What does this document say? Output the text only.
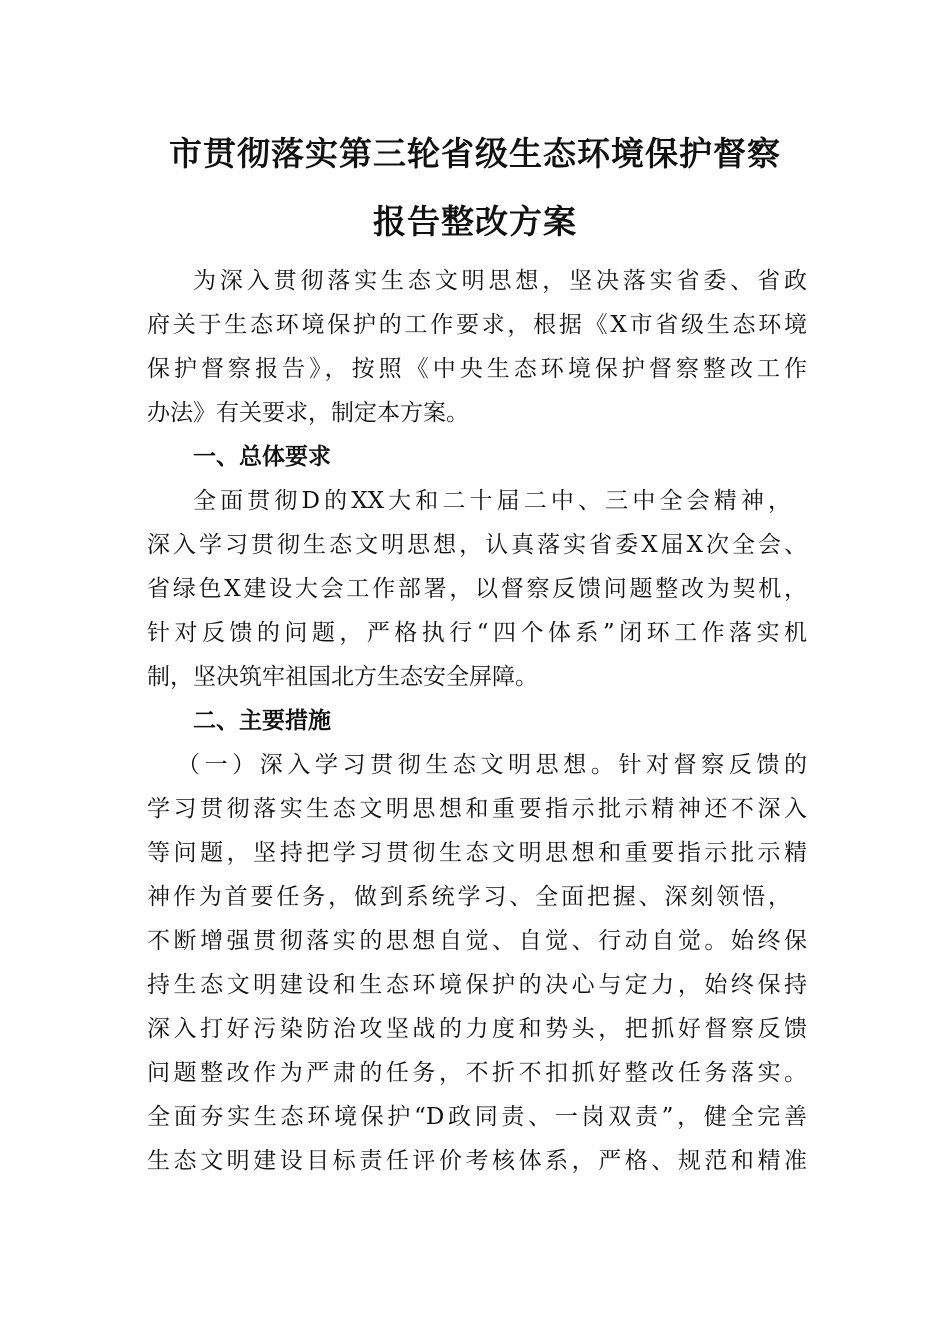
市贯彻落实第三轮省级生态环境保护督察
报告整改方案
为深入贯彻落实生态文明思想，坚决落实省委、省政
府关于生态环境保护的工作要求，根据《X市省级生态环境
保护督察报告》，按照《中央生态环境保护督察整改工作
办法》有关要求，制定本方案。
一、总体要求
全面贯彻D的XX大和二十届二中、三中全会精神，
深入学习贯彻生态文明思想，认真落实省委X届X次全会、
省绿色X建设大会工作部署，以督察反馈问题整改为契机，
针对反馈的问题，严格执行“四个体系”闭环工作落实机
制，坚决筑牢祖国北方生态安全屏障。
二、主要措施
（一）深入学习贯彻生态文明思想。针对督察反馈的
学习贯彻落实生态文明思想和重要指示批示精神还不深入
等问题，坚持把学习贯彻生态文明思想和重要指示批示精
神作为首要任务，做到系统学习、全面把握、深刻领悟，
不断增强贯彻落实的思想自觉、自觉、行动自觉。始终保
持生态文明建设和生态环境保护的决心与定力，始终保持
深入打好污染防治攻坚战的力度和势头，把抓好督察反馈
问题整改作为严肃的任务，不折不扣抓好整改任务落实。
全面夯实生态环境保护“D政同责、一岗双责”，健全完善
生态文明建设目标责任评价考核体系，严格、规范和精准
